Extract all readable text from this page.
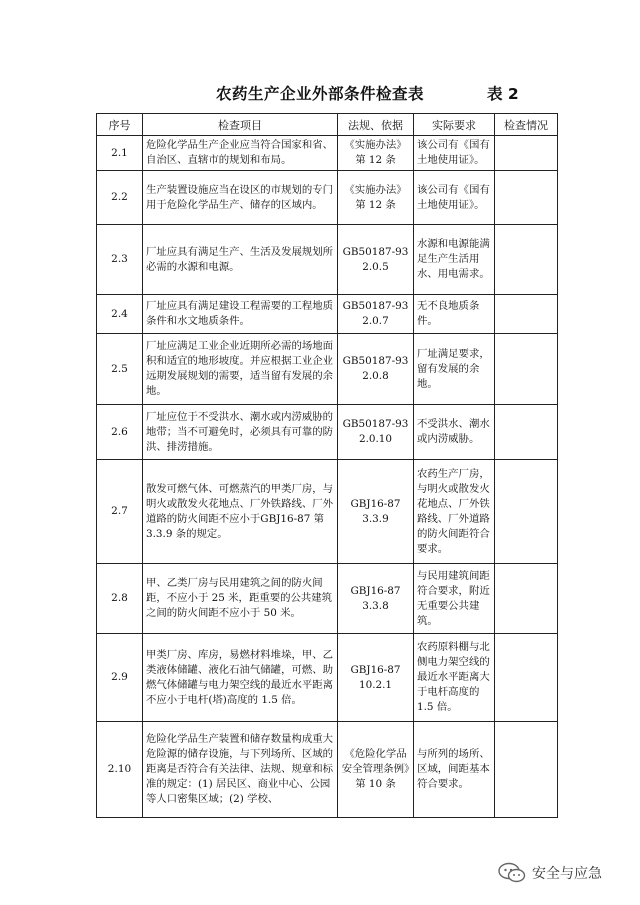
农药生产企业外部条件检查表	表 2
序号	检查项目	法规、依据	实际要求	检查情况
2.1	危险化学品生产企业应当符合国家和省、自治区、直辖市的规划和布局。	《实施办法》第 12 条	该公司有《国有土地使用证》。	
2.2	生产装置设施应当在设区的市规划的专门用于危险化学品生产、储存的区域内。	《实施办法》第 12 条	该公司有《国有土地使用证》。	
2.3	厂址应具有满足生产、生活及发展规划所必需的水源和电源。	GB50187-93 2.0.5	水源和电源能满足生产生活用水、用电需求。	
2.4	厂址应具有满足建设工程需要的工程地质条件和水文地质条件。	GB50187-93 2.0.7	无不良地质条件。	
2.5	厂址应满足工业企业近期所必需的场地面积和适宜的地形坡度。并应根据工业企业远期发展规划的需要，适当留有发展的余地。	GB50187-93 2.0.8	厂址满足要求，留有发展的余地。	
2.6	厂址应位于不受洪水、潮水或内涝威胁的地带；当不可避免时，必须具有可靠的防洪、排涝措施。	GB50187-93 2.0.10	不受洪水、潮水或内涝威胁。	
2.7	散发可燃气体、可燃蒸汽的甲类厂房，与明火或散发火花地点、厂外铁路线、厂外道路的防火间距不应小于GBJ16-87 第 3.3.9 条的规定。	GBJ16-87 3.3.9	农药生产厂房，与明火或散发火花地点、厂外铁路线、厂外道路的防火间距符合要求。	
2.8	甲、乙类厂房与民用建筑之间的防火间距，不应小于 25 米，距重要的公共建筑之间的防火间距不应小于 50 米。	GBJ16-87 3.3.8	与民用建筑间距符合要求，附近无重要公共建筑。	
2.9	甲类厂房、库房，易燃材料堆垛，甲、乙类液体储罐、液化石油气储罐，可燃、助燃气体储罐与电力架空线的最近水平距离不应小于电杆(塔)高度的 1.5 倍。	GBJ16-87 10.2.1	农药原料棚与北侧电力架空线的最近水平距离大于电杆高度的 1.5 倍。	
2.10	危险化学品生产装置和储存数量构成重大危险源的储存设施，与下列场所、区域的距离是否符合有关法律、法规、规章和标准的规定：(1) 居民区、商业中心、公园等人口密集区域；(2) 学校、	《危险化学品安全管理条例》第 10 条	与所列的场所、区域，间距基本符合要求。	
安全与应急
